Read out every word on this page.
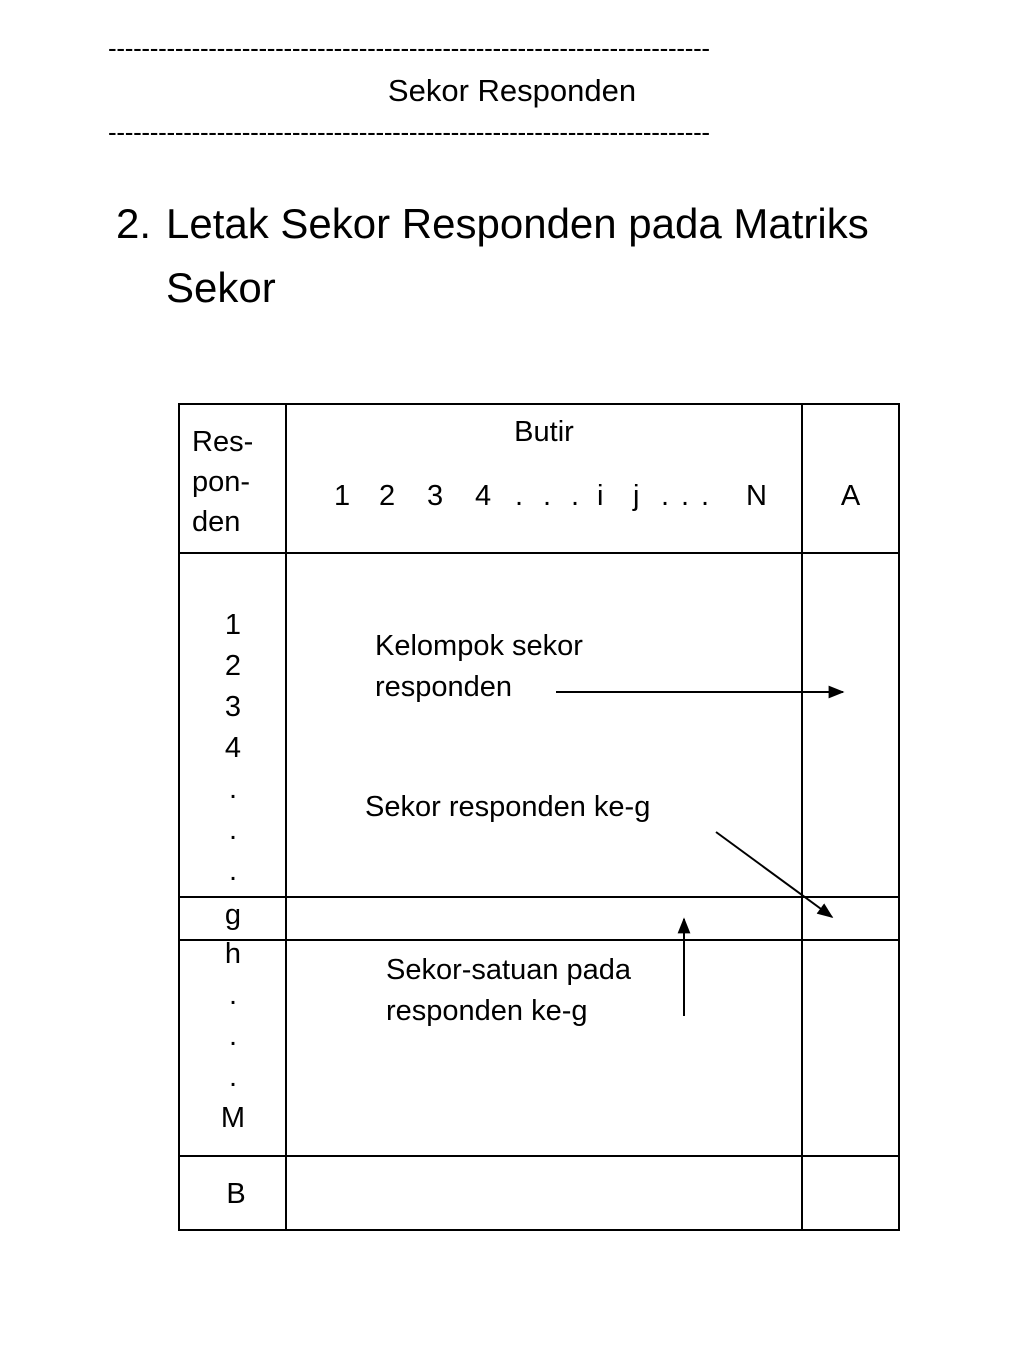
------------------------------------------------------------------------
Sekor Responden
------------------------------------------------------------------------
2. Letak Sekor Responden pada Matriks
Sekor
Res-
pon-
den
Butir
1 2 3 4 . . . i j . . . N	A
1
2
3
4
.
.
.
g
h
.
.
.
M
B
Kelompok sekor
responden
Sekor responden ke-g
Sekor-satuan pada
responden ke-g
